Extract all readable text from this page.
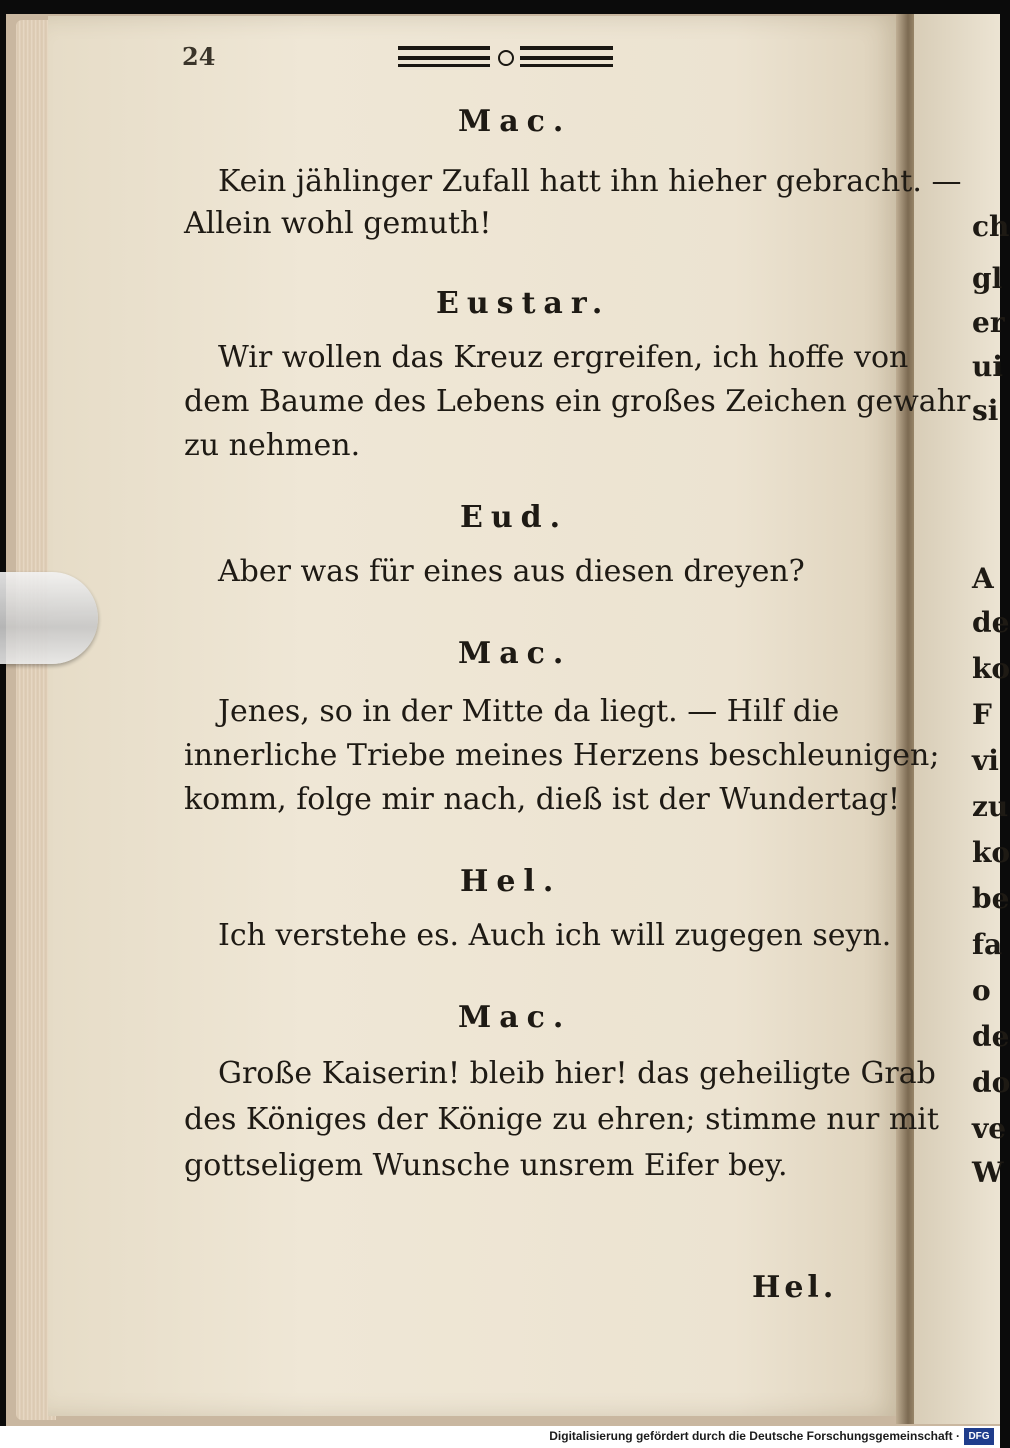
24
Mac.
Kein jählinger Zufall hatt ihn hieher gebracht. —
Allein wohl gemuth!
Eustar.
Wir wollen das Kreuz ergreifen, ich hoffe von
dem Baume des Lebens ein großes Zeichen gewahr
zu nehmen.
Eud.
Aber was für eines aus diesen dreyen?
Mac.
Jenes, so in der Mitte da liegt. — Hilf die
innerliche Triebe meines Herzens beschleunigen;
komm, folge mir nach, dieß ist der Wundertag!
Hel.
Ich verstehe es. Auch ich will zugegen seyn.
Mac.
Große Kaiserin! bleib hier! das geheiligte Grab
des Königes der Könige zu ehren; stimme nur mit
gottseligem Wunsche unsrem Eifer bey.
Hel.
ch
gl
er
ui
si
A
de
ko
F
vi
zu
ko
be
fa
o
de
do
ve
W
Digitalisierung gefördert durch die Deutsche Forschungsgemeinschaft · DFG
